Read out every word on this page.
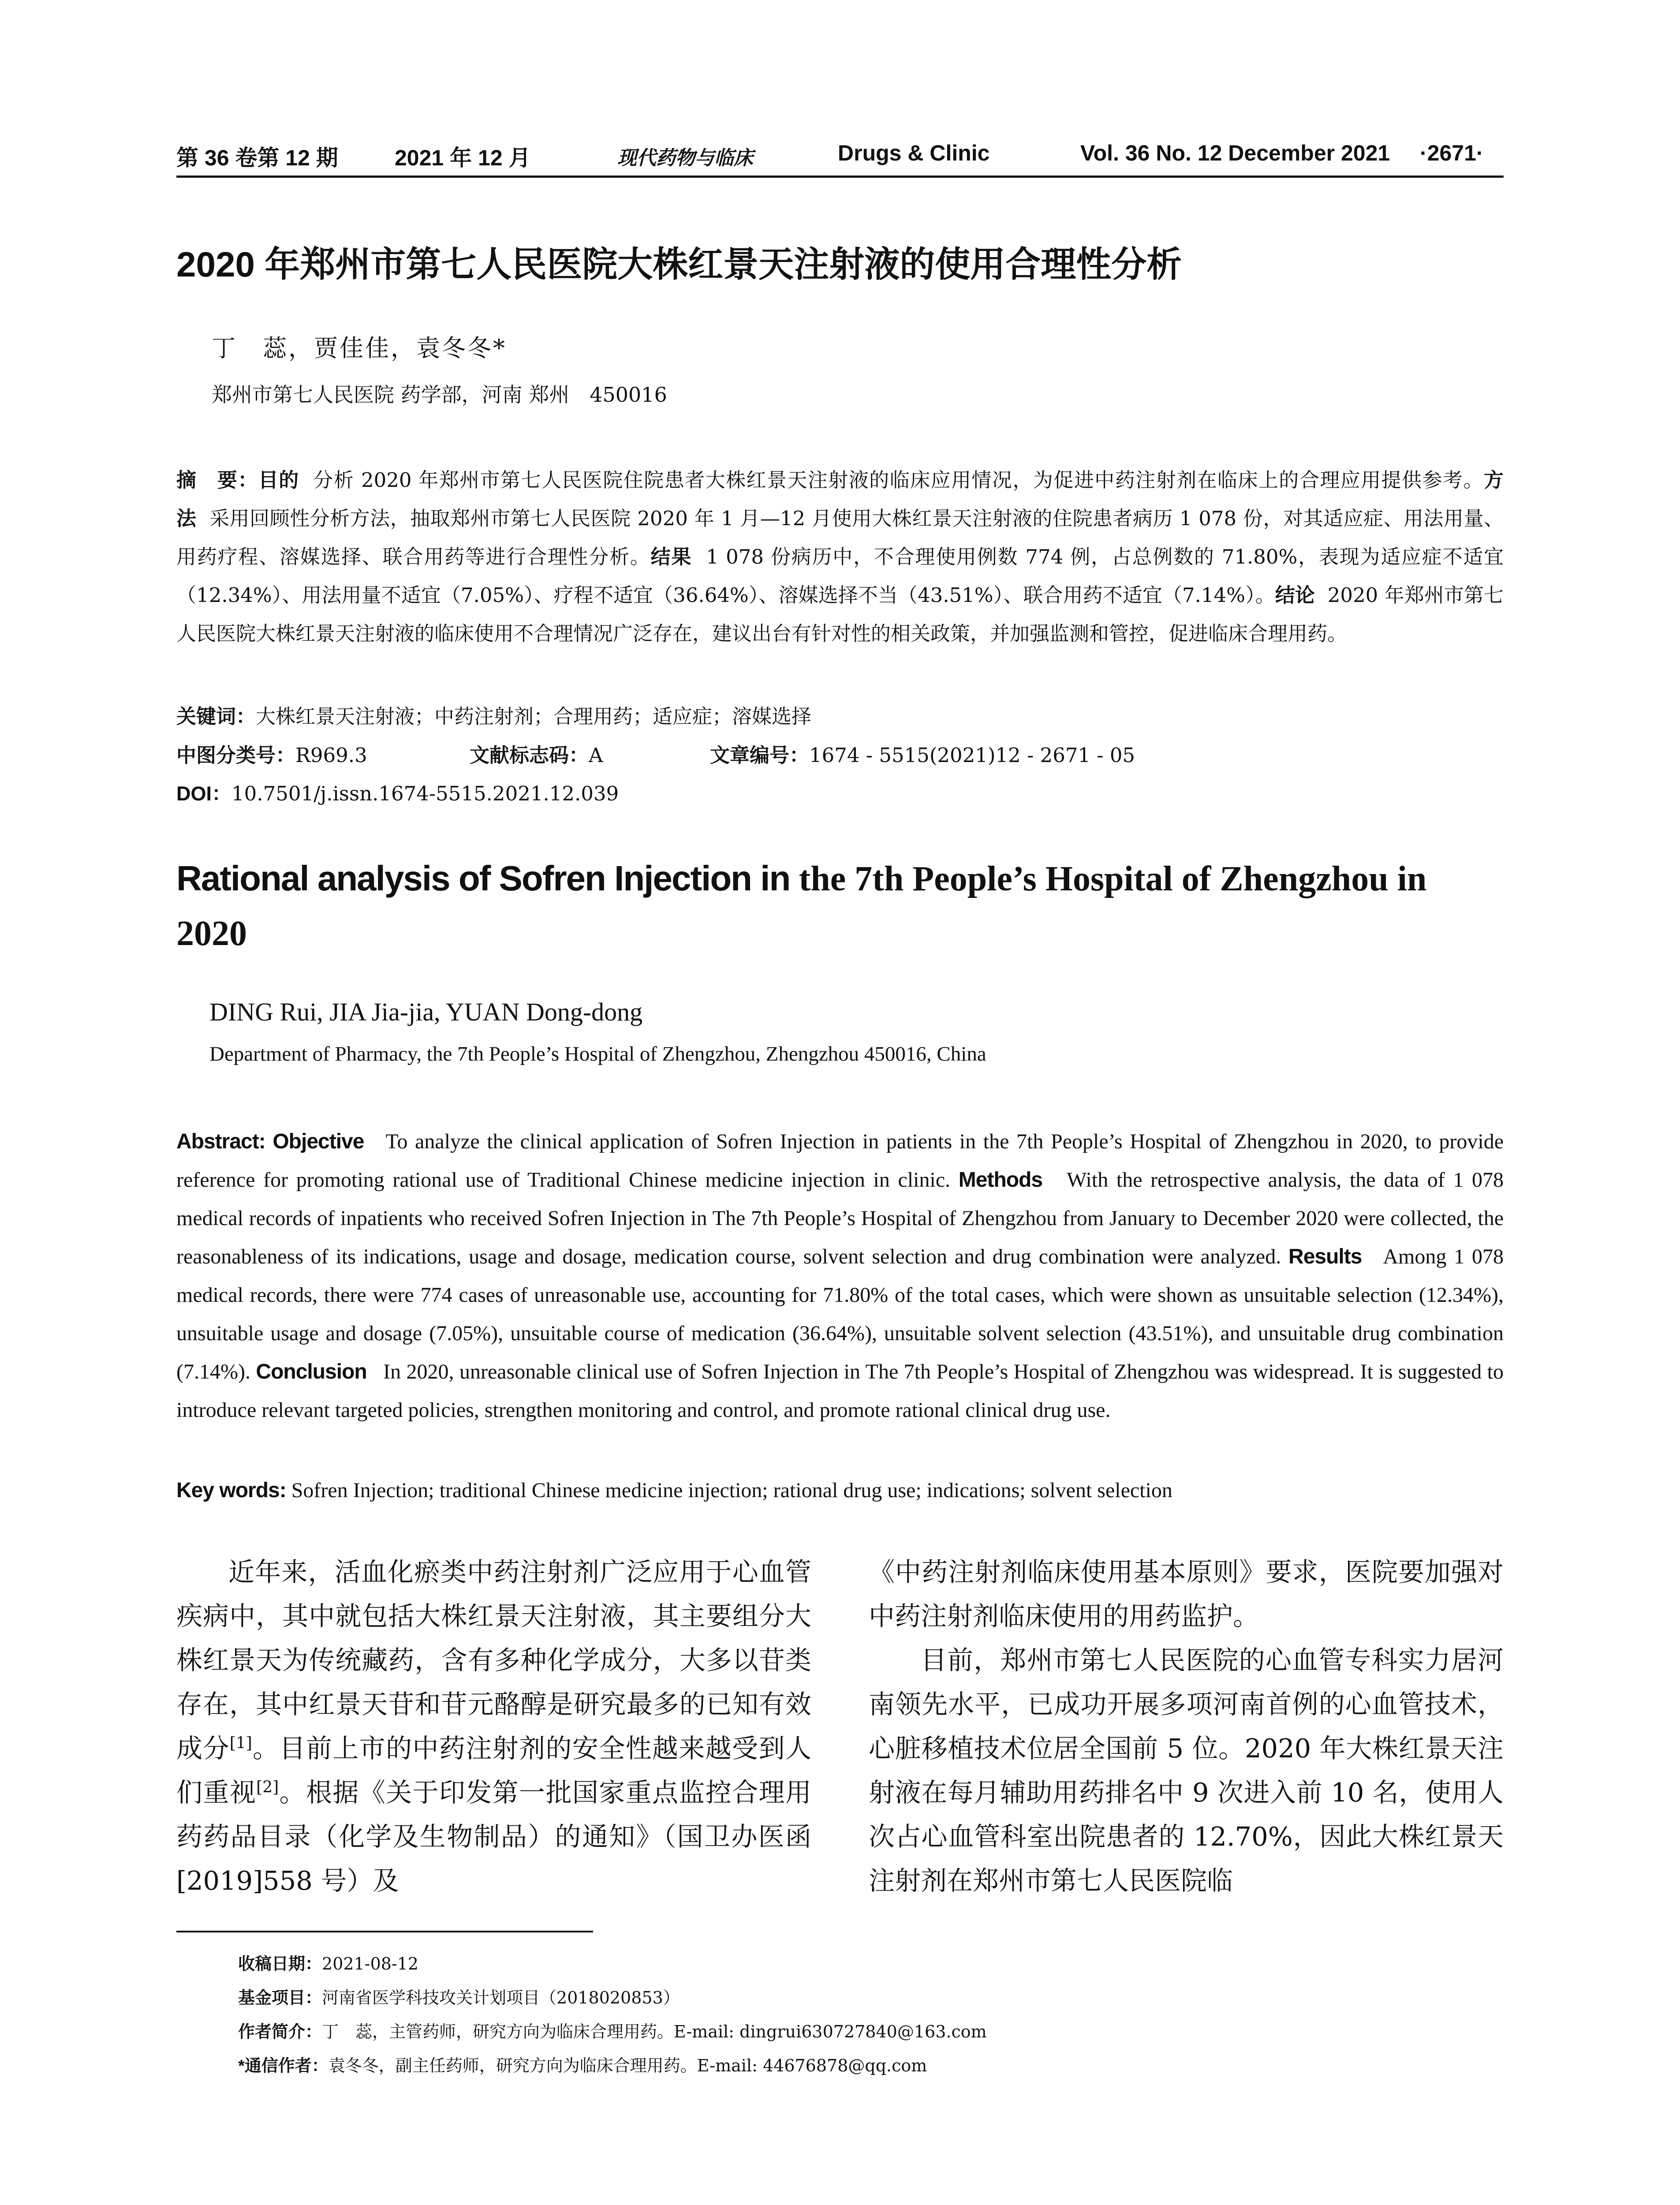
第 36 卷第 12 期	2021 年 12 月	现代药物与临床	Drugs & Clinic	Vol. 36 No. 12 December 2021 ·2671·
2020 年郑州市第七人民医院大株红景天注射液的使用合理性分析
丁　蕊，贾佳佳，袁冬冬*
郑州市第七人民医院 药学部，河南 郑州　450016
摘　要：目的 分析 2020 年郑州市第七人民医院住院患者大株红景天注射液的临床应用情况，为促进中药注射剂在临床上的合理应用提供参考。方法 采用回顾性分析方法，抽取郑州市第七人民医院 2020 年 1 月—12 月使用大株红景天注射液的住院患者病历 1 078 份，对其适应症、用法用量、用药疗程、溶媒选择、联合用药等进行合理性分析。结果 1 078 份病历中，不合理使用例数 774 例，占总例数的 71.80%，表现为适应症不适宜（12.34%）、用法用量不适宜（7.05%）、疗程不适宜（36.64%）、溶媒选择不当（43.51%）、联合用药不适宜（7.14%）。结论 2020 年郑州市第七人民医院大株红景天注射液的临床使用不合理情况广泛存在，建议出台有针对性的相关政策，并加强监测和管控，促进临床合理用药。
关键词：大株红景天注射液；中药注射剂；合理用药；适应症；溶媒选择
中图分类号：R969.3	文献标志码：A	文章编号：1674 - 5515(2021)12 - 2671 - 05
DOI：10.7501/j.issn.1674-5515.2021.12.039
Rational analysis of Sofren Injection in the 7th People’s Hospital of Zhengzhou in 2020
DING Rui, JIA Jia-jia, YUAN Dong-dong
Department of Pharmacy, the 7th People’s Hospital of Zhengzhou, Zhengzhou 450016, China
Abstract: Objective To analyze the clinical application of Sofren Injection in patients in the 7th People’s Hospital of Zhengzhou in 2020, to provide reference for promoting rational use of Traditional Chinese medicine injection in clinic. Methods With the retrospective analysis, the data of 1 078 medical records of inpatients who received Sofren Injection in The 7th People’s Hospital of Zhengzhou from January to December 2020 were collected, the reasonableness of its indications, usage and dosage, medication course, solvent selection and drug combination were analyzed. Results Among 1 078 medical records, there were 774 cases of unreasonable use, accounting for 71.80% of the total cases, which were shown as unsuitable selection (12.34%), unsuitable usage and dosage (7.05%), unsuitable course of medication (36.64%), unsuitable solvent selection (43.51%), and unsuitable drug combination (7.14%). Conclusion In 2020, unreasonable clinical use of Sofren Injection in The 7th People’s Hospital of Zhengzhou was widespread. It is suggested to introduce relevant targeted policies, strengthen monitoring and control, and promote rational clinical drug use.
Key words: Sofren Injection; traditional Chinese medicine injection; rational drug use; indications; solvent selection

近年来，活血化瘀类中药注射剂广泛应用于心血管疾病中，其中就包括大株红景天注射液，其主要组分大株红景天为传统藏药，含有多种化学成分，大多以苷类存在，其中红景天苷和苷元酪醇是研究最多的已知有效成分[1]。目前上市的中药注射剂的安全性越来越受到人们重视[2]。根据《关于印发第一批国家重点监控合理用药药品目录（化学及生物制品）的通知》（国卫办医函[2019]558 号）及

《中药注射剂临床使用基本原则》要求，医院要加强对中药注射剂临床使用的用药监护。

目前，郑州市第七人民医院的心血管专科实力居河南领先水平，已成功开展多项河南首例的心血管技术，心脏移植技术位居全国前 5 位。2020 年大株红景天注射液在每月辅助用药排名中 9 次进入前 10 名，使用人次占心血管科室出院患者的 12.70%，因此大株红景天注射剂在郑州市第七人民医院临

收稿日期：2021-08-12
基金项目：河南省医学科技攻关计划项目（2018020853）
作者简介：丁　蕊，主管药师，研究方向为临床合理用药。E-mail: dingrui630727840@163.com
*通信作者：袁冬冬，副主任药师，研究方向为临床合理用药。E-mail: 44676878@qq.com
